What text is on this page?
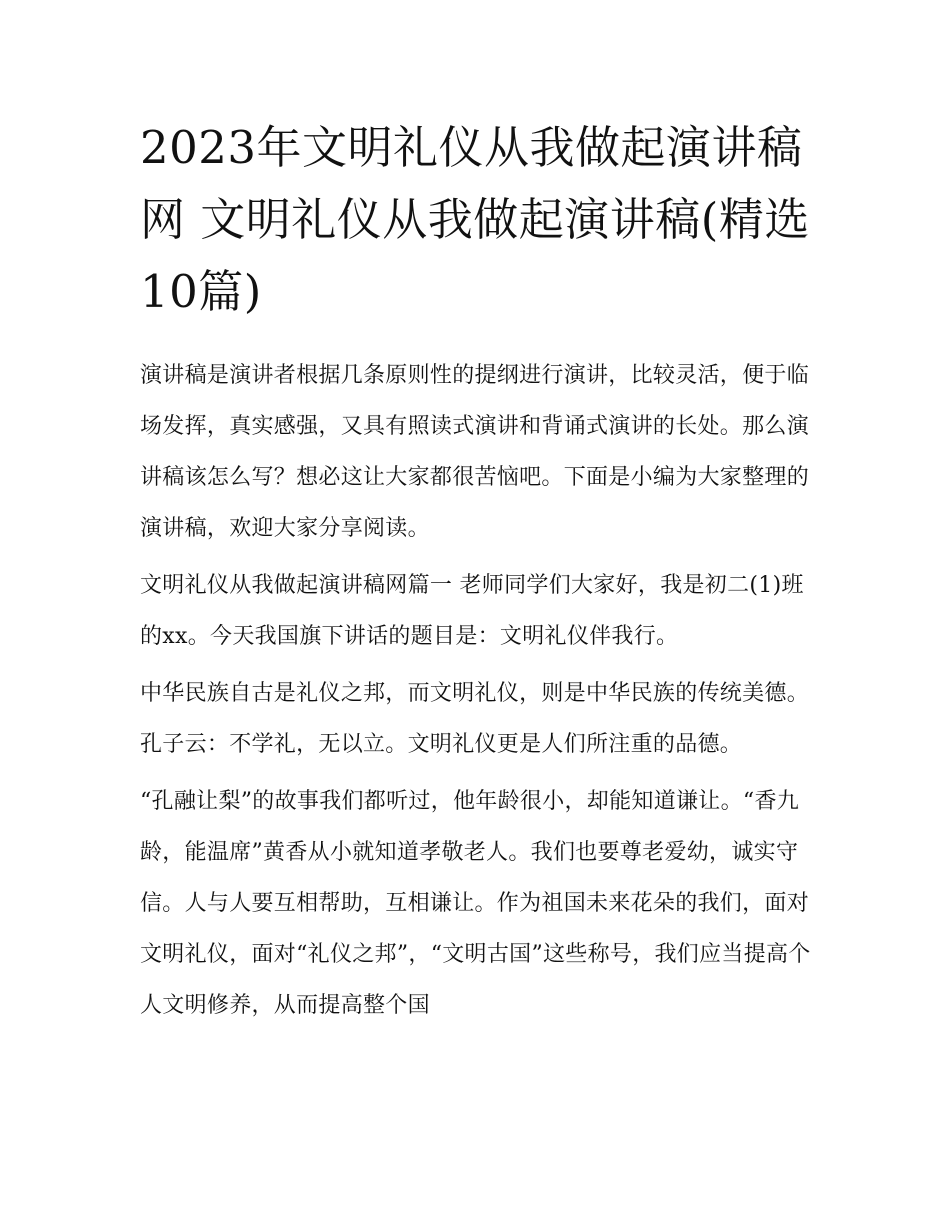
2023年文明礼仪从我做起演讲稿网 文明礼仪从我做起演讲稿(精选10篇)

演讲稿是演讲者根据几条原则性的提纲进行演讲，比较灵活，便于临场发挥，真实感强，又具有照读式演讲和背诵式演讲的长处。那么演讲稿该怎么写？想必这让大家都很苦恼吧。下面是小编为大家整理的演讲稿，欢迎大家分享阅读。

文明礼仪从我做起演讲稿网篇一 老师同学们大家好，我是初二(1)班的xx。今天我国旗下讲话的题目是：文明礼仪伴我行。

中华民族自古是礼仪之邦，而文明礼仪，则是中华民族的传统美德。孔子云：不学礼，无以立。文明礼仪更是人们所注重的品德。

“孔融让梨”的故事我们都听过，他年龄很小，却能知道谦让。“香九龄，能温席”黄香从小就知道孝敬老人。我们也要尊老爱幼，诚实守信。人与人要互相帮助，互相谦让。作为祖国未来花朵的我们，面对文明礼仪，面对“礼仪之邦”，“文明古国”这些称号，我们应当提高个人文明修养，从而提高整个国
